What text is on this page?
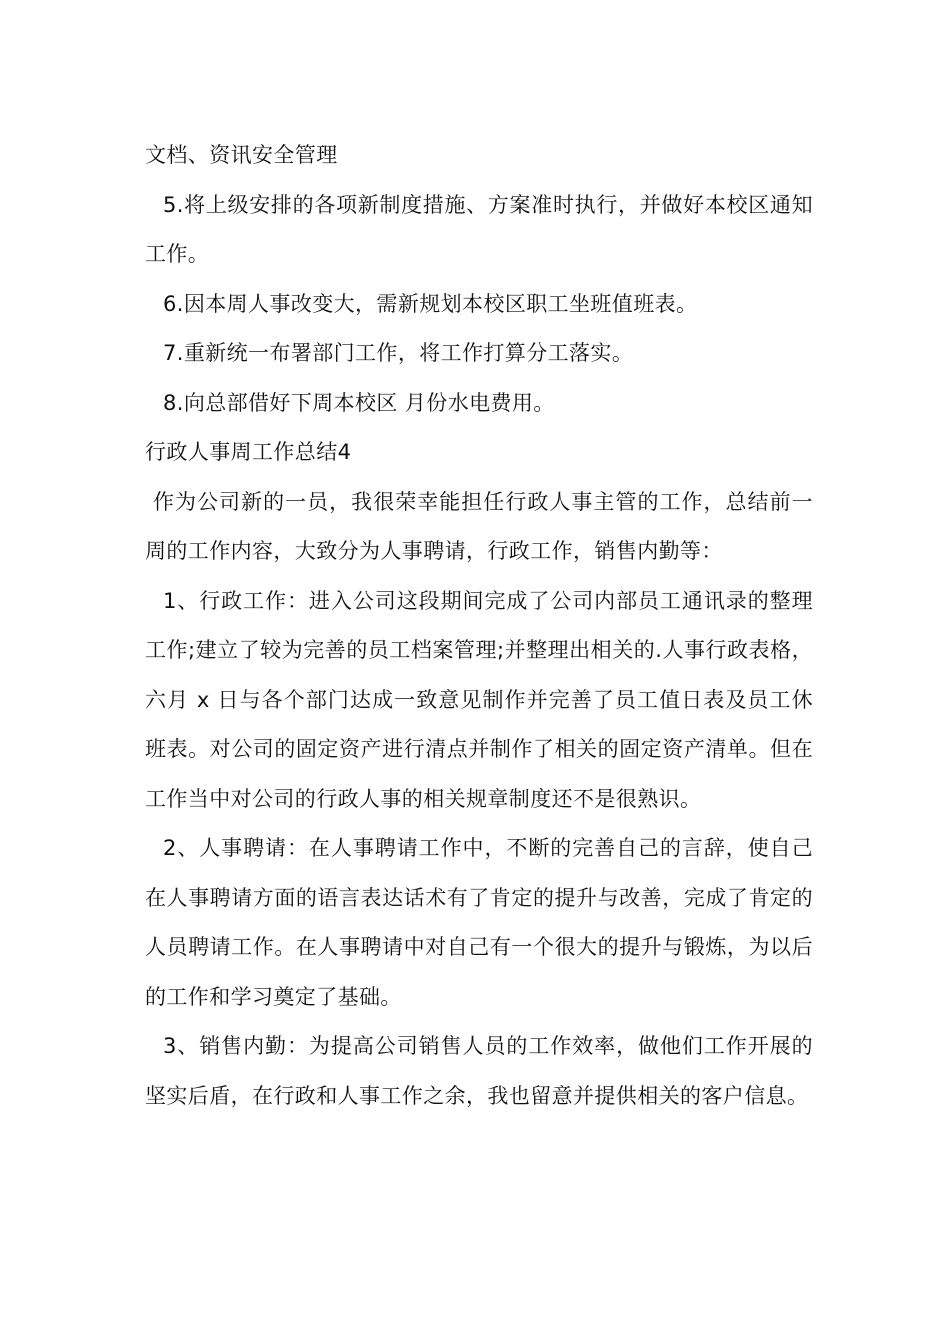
文档、资讯安全管理

5.将上级安排的各项新制度措施、方案准时执行，并做好本校区通知工作。

6.因本周人事改变大，需新规划本校区职工坐班值班表。

7.重新统一布署部门工作，将工作打算分工落实。

8.向总部借好下周本校区 月份水电费用。

行政人事周工作总结4

作为公司新的一员，我很荣幸能担任行政人事主管的工作，总结前一周的工作内容，大致分为人事聘请，行政工作，销售内勤等：

1、行政工作：进入公司这段期间完成了公司内部员工通讯录的整理工作;建立了较为完善的员工档案管理;并整理出相关的.人事行政表格，六月 x 日与各个部门达成一致意见制作并完善了员工值日表及员工休班表。对公司的固定资产进行清点并制作了相关的固定资产清单。但在工作当中对公司的行政人事的相关规章制度还不是很熟识。

2、人事聘请：在人事聘请工作中，不断的完善自己的言辞，使自己在人事聘请方面的语言表达话术有了肯定的提升与改善，完成了肯定的人员聘请工作。在人事聘请中对自己有一个很大的提升与锻炼，为以后的工作和学习奠定了基础。

3、销售内勤：为提高公司销售人员的工作效率，做他们工作开展的坚实后盾，在行政和人事工作之余，我也留意并提供相关的客户信息。
